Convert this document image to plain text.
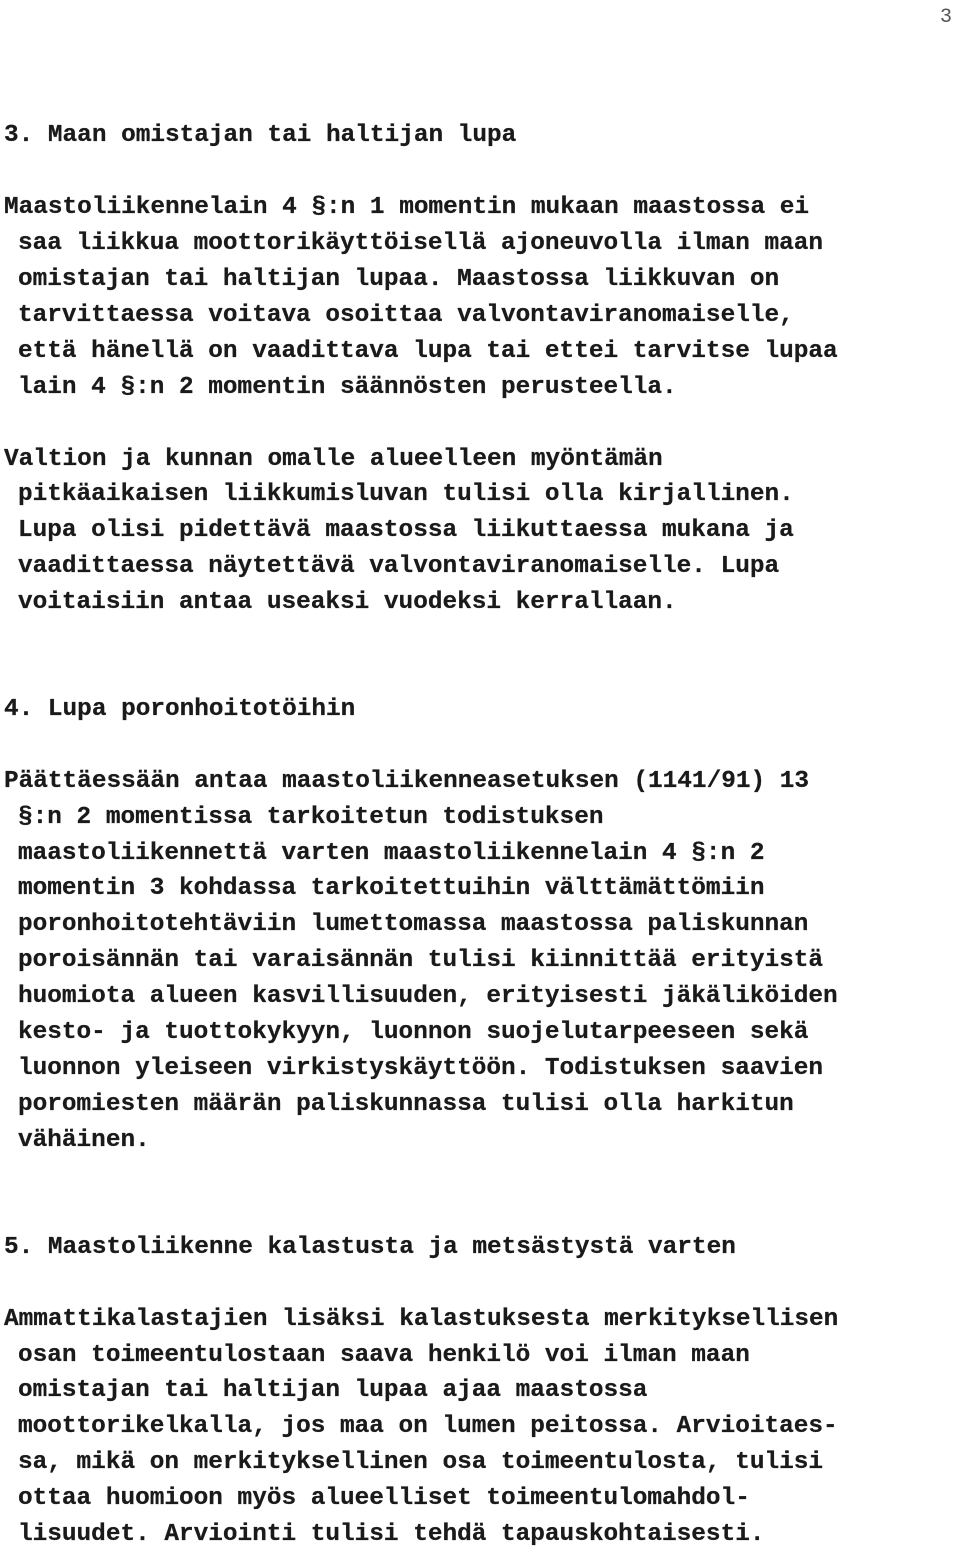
3
3. Maan omistajan tai haltijan lupa
Maastoliikennelain 4 §:n 1 momentin mukaan maastossa ei
saa liikkua moottorikäyttöisellä ajoneuvolla ilman maan
omistajan tai haltijan lupaa. Maastossa liikkuvan on
tarvittaessa voitava osoittaa valvontaviranomaiselle,
että hänellä on vaadittava lupa tai ettei tarvitse lupaa
lain 4 §:n 2 momentin säännösten perusteella.
Valtion ja kunnan omalle alueelleen myöntämän
pitkäaikaisen liikkumisluvan tulisi olla kirjallinen.
Lupa olisi pidettävä maastossa liikuttaessa mukana ja
vaadittaessa näytettävä valvontaviranomaiselle. Lupa
voitaisiin antaa useaksi vuodeksi kerrallaan.
4. Lupa poronhoitotöihin
Päättäessään antaa maastoliikenneasetuksen (1141/91) 13
§:n 2 momentissa tarkoitetun todistuksen
maastoliikennettä varten maastoliikennelain 4 §:n 2
momentin 3 kohdassa tarkoitettuihin välttämättömiin
poronhoitotehtäviin lumettomassa maastossa paliskunnan
poroisännän tai varaisännän tulisi kiinnittää erityistä
huomiota alueen kasvillisuuden, erityisesti jäkäliköiden
kesto- ja tuottokykyyn, luonnon suojelutarpeeseen sekä
luonnon yleiseen virkistyskäyttöön. Todistuksen saavien
poromiesten määrän paliskunnassa tulisi olla harkitun
vähäinen.
5. Maastoliikenne kalastusta ja metsästystä varten
Ammattikalastajien lisäksi kalastuksesta merkityksellisen
osan toimeentulostaan saava henkilö voi ilman maan
omistajan tai haltijan lupaa ajaa maastossa
moottorikelkalla, jos maa on lumen peitossa. Arvioitaes-
sa, mikä on merkityksellinen osa toimeentulosta, tulisi
ottaa huomioon myös alueelliset toimeentulomahdol-
lisuudet. Arviointi tulisi tehdä tapauskohtaisesti.
